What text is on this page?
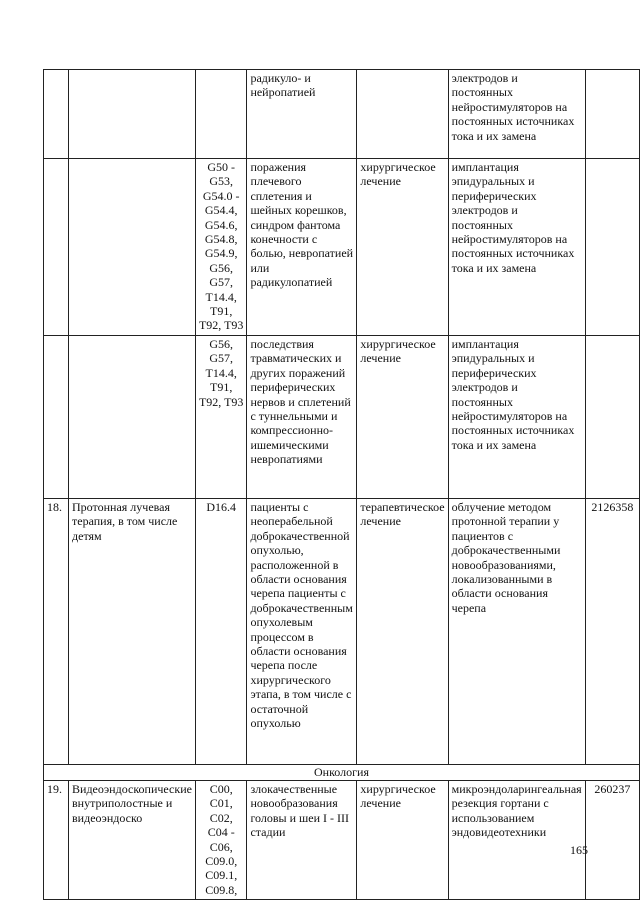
			радикуло- и нейропатией		электродов и постоянных нейростимуляторов на постоянных источниках тока и их замена	
		G50 - G53, G54.0 - G54.4, G54.6, G54.8, G54.9, G56, G57, T14.4, T91, T92, T93	поражения плечевого сплетения и шейных корешков, синдром фантома конечности с болью, невропатией или радикулопатией	хирургическое лечение	имплантация эпидуральных и периферических электродов и постоянных нейростимуляторов на постоянных источниках тока и их замена	
		G56, G57, T14.4, T91, T92, T93	последствия травматических и других поражений периферических нервов и сплетений с туннельными и компрессионно-ишемическими невропатиями	хирургическое лечение	имплантация эпидуральных и периферических электродов и постоянных нейростимуляторов на постоянных источниках тока и их замена	
18.	Протонная лучевая терапия, в том числе детям	D16.4	пациенты с неоперабельной доброкачественной опухолью, расположенной в области основания черепа пациенты с доброкачественным опухолевым процессом в области основания черепа после хирургического этапа, в том числе с остаточной опухолью	терапевтическое лечение	облучение методом протонной терапии у пациентов с доброкачественными новообразованиями, локализованными в области основания черепа	2126358
Онкология						
19.	Видеоэндоскопические внутриполостные и видеоэндоско	C00, C01, C02, C04 - C06, C09.0, C09.1, C09.8,	злокачественные новообразования головы и шеи I - III стадии	хирургическое лечение	микроэндоларингеальная резекция гортани с использованием эндовидеотехники	260237
165
